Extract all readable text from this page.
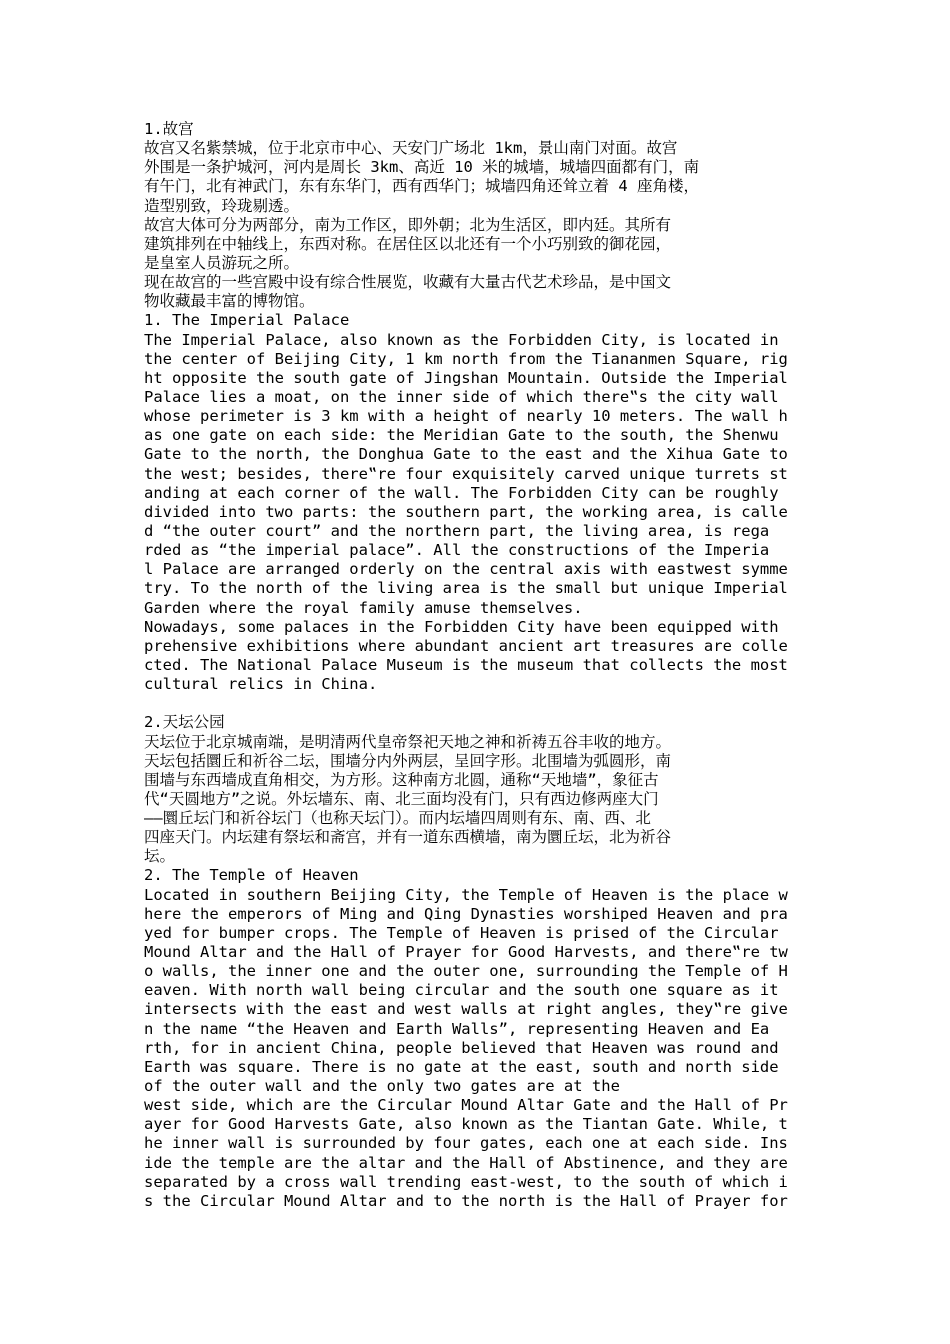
1.故宫
故宫又名紫禁城，位于北京市中心、天安门广场北 1km，景山南门对面。故宫
外围是一条护城河，河内是周长 3km、高近 10 米的城墙，城墙四面都有门，南
有午门，北有神武门，东有东华门，西有西华门；城墙四角还耸立着 4 座角楼，
造型别致，玲珑剔透。
故宫大体可分为两部分，南为工作区，即外朝；北为生活区，即内廷。其所有
建筑排列在中轴线上，东西对称。在居住区以北还有一个小巧别致的御花园，
是皇室人员游玩之所。
现在故宫的一些宫殿中设有综合性展览，收藏有大量古代艺术珍品，是中国文
物收藏最丰富的博物馆。
1. The Imperial Palace
The Imperial Palace, also known as the Forbidden City, is located in
the center of Beijing City, 1 km north from the Tiananmen Square, rig
ht opposite the south gate of Jingshan Mountain. Outside the Imperial
Palace lies a moat, on the inner side of which there‟s the city wall
whose perimeter is 3 km with a height of nearly 10 meters. The wall h
as one gate on each side: the Meridian Gate to the south, the Shenwu
Gate to the north, the Donghua Gate to the east and the Xihua Gate to
the west; besides, there‟re four exquisitely carved unique turrets st
anding at each corner of the wall. The Forbidden City can be roughly
divided into two parts: the southern part, the working area, is calle
d “the outer court” and the northern part, the living area, is rega
rded as “the imperial palace”. All the constructions of the Imperia
l Palace are arranged orderly on the central axis with eastwest symme
try. To the north of the living area is the small but unique Imperial
Garden where the royal family amuse themselves.
Nowadays, some palaces in the Forbidden City have been equipped with
prehensive exhibitions where abundant ancient art treasures are colle
cted. The National Palace Museum is the museum that collects the most
cultural relics in China.
2.天坛公园
天坛位于北京城南端，是明清两代皇帝祭祀天地之神和祈祷五谷丰收的地方。
天坛包括圜丘和祈谷二坛，围墙分内外两层，呈回字形。北围墙为弧圆形，南
围墙与东西墙成直角相交，为方形。这种南方北圆，通称“天地墙”，象征古
代“天圆地方”之说。外坛墙东、南、北三面均没有门，只有西边修两座大门
——圜丘坛门和祈谷坛门（也称天坛门）。而内坛墙四周则有东、南、西、北
四座天门。内坛建有祭坛和斋宫，并有一道东西横墙，南为圜丘坛，北为祈谷
坛。
2. The Temple of Heaven
Located in southern Beijing City, the Temple of Heaven is the place w
here the emperors of Ming and Qing Dynasties worshiped Heaven and pra
yed for bumper crops. The Temple of Heaven is prised of the Circular
Mound Altar and the Hall of Prayer for Good Harvests, and there‟re tw
o walls, the inner one and the outer one, surrounding the Temple of H
eaven. With north wall being circular and the south one square as it
intersects with the east and west walls at right angles, they‟re give
n the name “the Heaven and Earth Walls”, representing Heaven and Ea
rth, for in ancient China, people believed that Heaven was round and
Earth was square. There is no gate at the east, south and north side
of the outer wall and the only two gates are at the
west side, which are the Circular Mound Altar Gate and the Hall of Pr
ayer for Good Harvests Gate, also known as the Tiantan Gate. While, t
he inner wall is surrounded by four gates, each one at each side. Ins
ide the temple are the altar and the Hall of Abstinence, and they are
separated by a cross wall trending east-west, to the south of which i
s the Circular Mound Altar and to the north is the Hall of Prayer for
